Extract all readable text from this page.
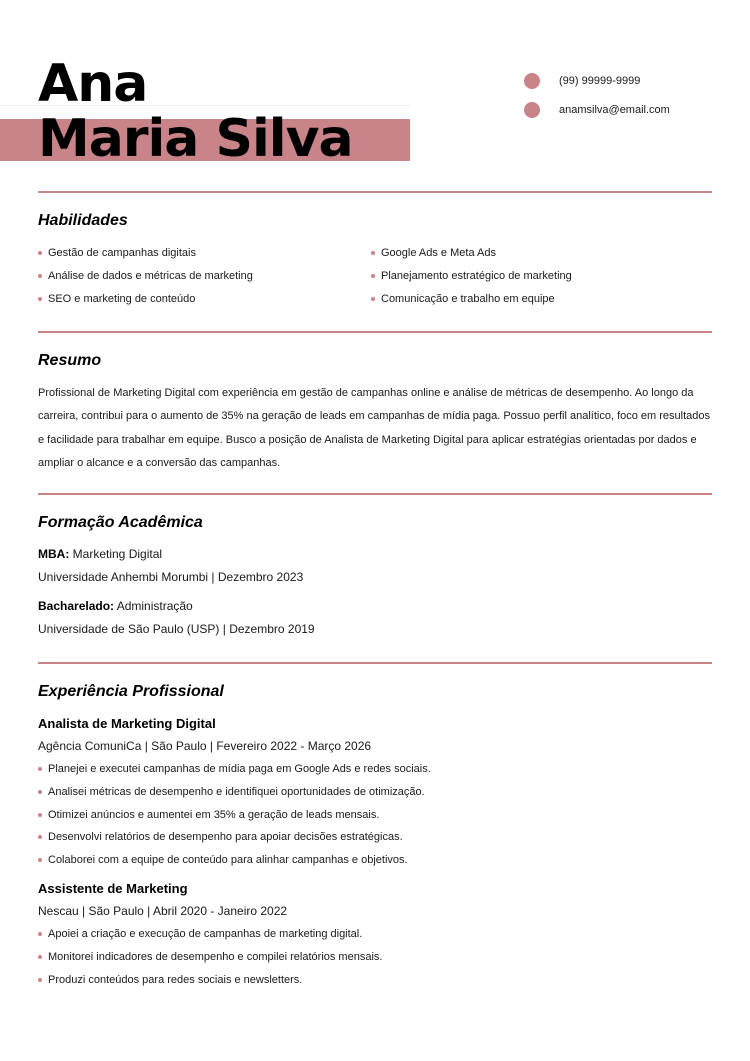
Ana
Maria Silva
(99) 99999-9999
anamsilva@email.com
Habilidades
Gestão de campanhas digitais
Análise de dados e métricas de marketing
SEO e marketing de conteúdo
Google Ads e Meta Ads
Planejamento estratégico de marketing
Comunicação e trabalho em equipe
Resumo
Profissional de Marketing Digital com experiência em gestão de campanhas online e análise de métricas de desempenho. Ao longo da carreira, contribui para o aumento de 35% na geração de leads em campanhas de mídia paga. Possuo perfil analítico, foco em resultados e facilidade para trabalhar em equipe. Busco a posição de Analista de Marketing Digital para aplicar estratégias orientadas por dados e ampliar o alcance e a conversão das campanhas.
Formação Acadêmica
MBA: Marketing Digital
Universidade Anhembi Morumbi | Dezembro 2023
Bacharelado: Administração
Universidade de São Paulo (USP) | Dezembro 2019
Experiência Profissional
Analista de Marketing Digital
Agência ComuniCa | São Paulo | Fevereiro 2022 - Março 2026
Planejei e executei campanhas de mídia paga em Google Ads e redes sociais.
Analisei métricas de desempenho e identifiquei oportunidades de otimização.
Otimizei anúncios e aumentei em 35% a geração de leads mensais.
Desenvolvi relatórios de desempenho para apoiar decisões estratégicas.
Colaborei com a equipe de conteúdo para alinhar campanhas e objetivos.
Assistente de Marketing
Nescau | São Paulo | Abril 2020 - Janeiro 2022
Apoiei a criação e execução de campanhas de marketing digital.
Monitorei indicadores de desempenho e compilei relatórios mensais.
Produzi conteúdos para redes sociais e newsletters.
